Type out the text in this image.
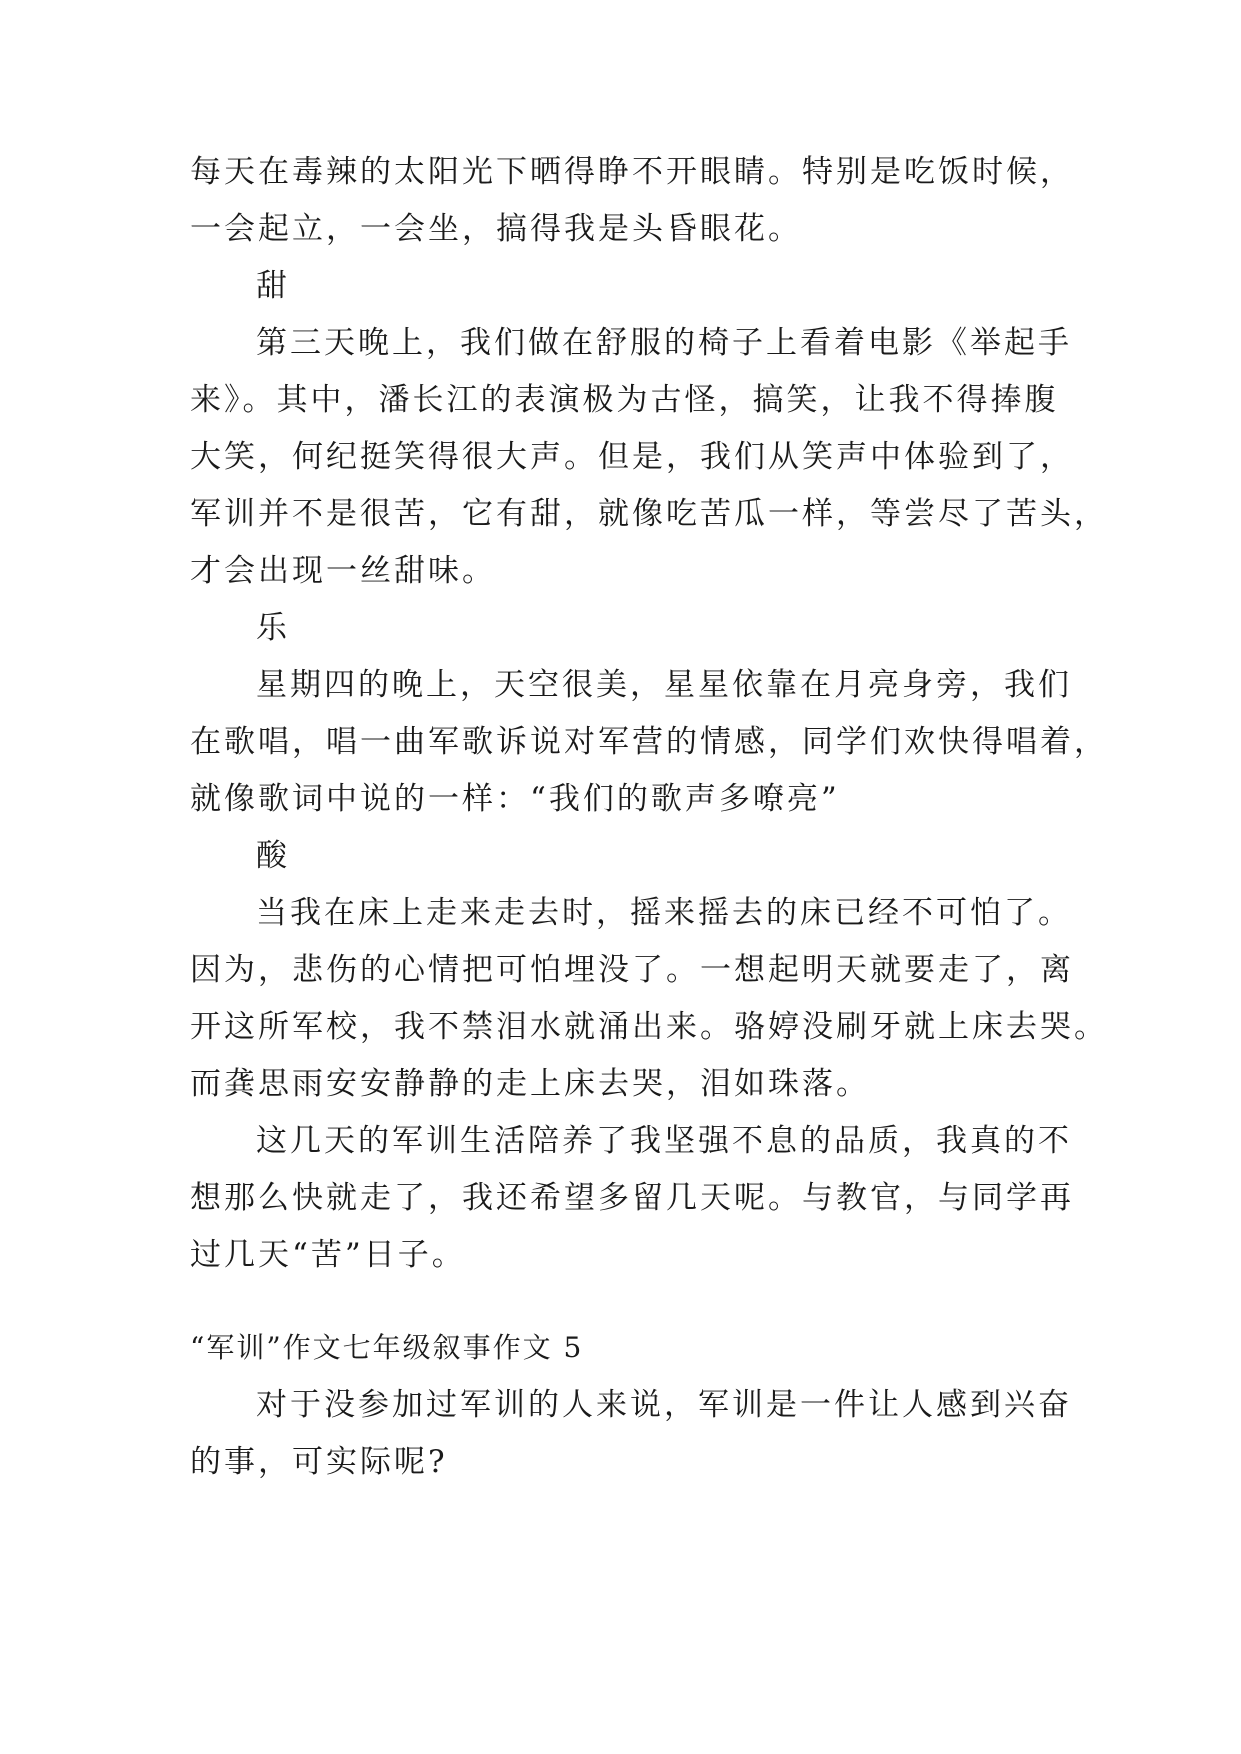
每天在毒辣的太阳光下晒得睁不开眼睛。特别是吃饭时候，
一会起立，一会坐，搞得我是头昏眼花。
甜
第三天晚上，我们做在舒服的椅子上看着电影《举起手
来》。其中，潘长江的表演极为古怪，搞笑，让我不得捧腹
大笑，何纪挺笑得很大声。但是，我们从笑声中体验到了，
军训并不是很苦，它有甜，就像吃苦瓜一样，等尝尽了苦头，
才会出现一丝甜味。
乐
星期四的晚上，天空很美，星星依靠在月亮身旁，我们
在歌唱，唱一曲军歌诉说对军营的情感，同学们欢快得唱着，
就像歌词中说的一样：“我们的歌声多嘹亮”
酸
当我在床上走来走去时，摇来摇去的床已经不可怕了。
因为，悲伤的心情把可怕埋没了。一想起明天就要走了，离
开这所军校，我不禁泪水就涌出来。骆婷没刷牙就上床去哭。
而龚思雨安安静静的走上床去哭，泪如珠落。
这几天的军训生活陪养了我坚强不息的品质，我真的不
想那么快就走了，我还希望多留几天呢。与教官，与同学再
过几天“苦”日子。
“军训”作文七年级叙事作文 5
对于没参加过军训的人来说，军训是一件让人感到兴奋
的事，可实际呢?
